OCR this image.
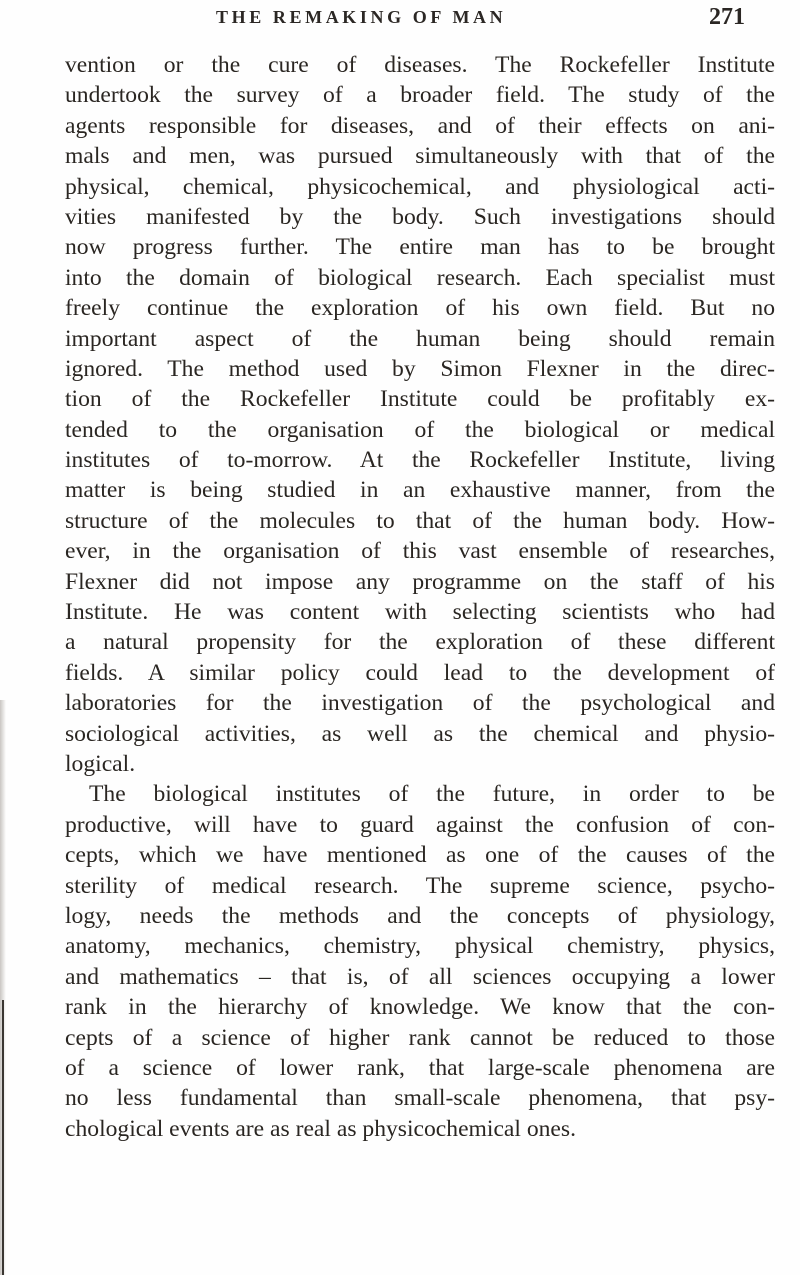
THE REMAKING OF MAN	271
vention or the cure of diseases. The Rockefeller Institute
undertook the survey of a broader field. The study of the
agents responsible for diseases, and of their effects on ani-
mals and men, was pursued simultaneously with that of the
physical, chemical, physicochemical, and physiological acti-
vities manifested by the body. Such investigations should
now progress further. The entire man has to be brought
into the domain of biological research. Each specialist must
freely continue the exploration of his own field. But no
important aspect of the human being should remain
ignored. The method used by Simon Flexner in the direc-
tion of the Rockefeller Institute could be profitably ex-
tended to the organisation of the biological or medical
institutes of to-morrow. At the Rockefeller Institute, living
matter is being studied in an exhaustive manner, from the
structure of the molecules to that of the human body. How-
ever, in the organisation of this vast ensemble of researches,
Flexner did not impose any programme on the staff of his
Institute. He was content with selecting scientists who had
a natural propensity for the exploration of these different
fields. A similar policy could lead to the development of
laboratories for the investigation of the psychological and
sociological activities, as well as the chemical and physio-
logical.
The biological institutes of the future, in order to be
productive, will have to guard against the confusion of con-
cepts, which we have mentioned as one of the causes of the
sterility of medical research. The supreme science, psycho-
logy, needs the methods and the concepts of physiology,
anatomy, mechanics, chemistry, physical chemistry, physics,
and mathematics – that is, of all sciences occupying a lower
rank in the hierarchy of knowledge. We know that the con-
cepts of a science of higher rank cannot be reduced to those
of a science of lower rank, that large-scale phenomena are
no less fundamental than small-scale phenomena, that psy-
chological events are as real as physicochemical ones.
